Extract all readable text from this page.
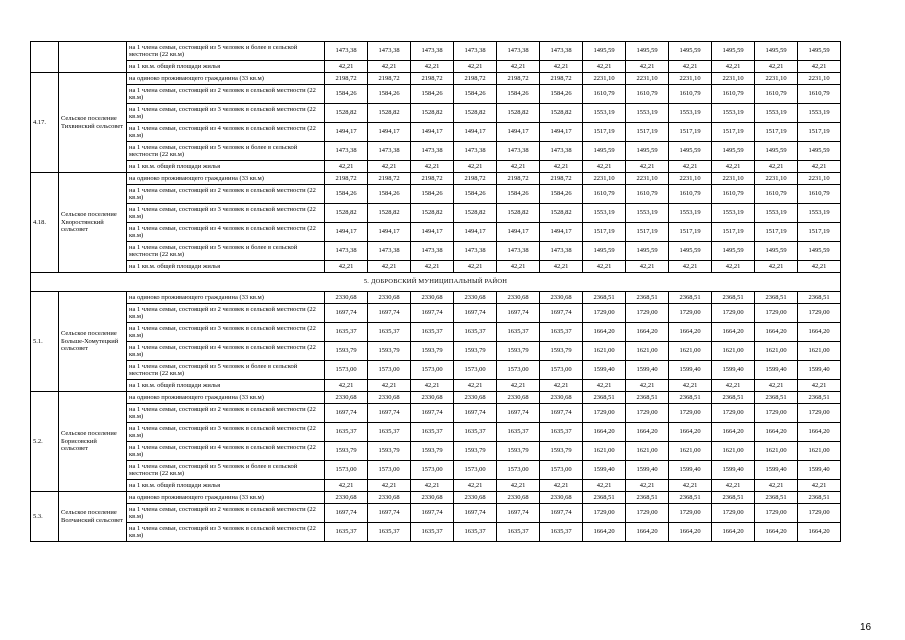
		на 1 члена семьи, состоящей из 5 человек и более в сельской местности (22 кв.м)	1473,38	1473,38	1473,38	1473,38	1473,38	1473,38	1495,59	1495,59	1495,59	1495,59	1495,59	1495,59
		на 1 кв.м. общей площади жилья	42,21	42,21	42,21	42,21	42,21	42,21	42,21	42,21	42,21	42,21	42,21	42,21
4.17.	Сельское поселение Тихвинский сельсовет	на одиноко проживающего гражданина (33 кв.м)	2198,72	2198,72	2198,72	2198,72	2198,72	2198,72	2231,10	2231,10	2231,10	2231,10	2231,10	2231,10
		на 1 члена семьи, состоящей из 2 человек в сельской местности (22 кв.м)	1584,26	1584,26	1584,26	1584,26	1584,26	1584,26	1610,79	1610,79	1610,79	1610,79	1610,79	1610,79
		на 1 члена семьи, состоящей из 3 человек в сельской местности (22 кв.м)	1528,82	1528,82	1528,82	1528,82	1528,82	1528,82	1553,19	1553,19	1553,19	1553,19	1553,19	1553,19
		на 1 члена семьи, состоящей из 4 человек в сельской местности (22 кв.м)	1494,17	1494,17	1494,17	1494,17	1494,17	1494,17	1517,19	1517,19	1517,19	1517,19	1517,19	1517,19
		на 1 члена семьи, состоящей из 5 человек и более в сельской местности (22 кв.м)	1473,38	1473,38	1473,38	1473,38	1473,38	1473,38	1495,59	1495,59	1495,59	1495,59	1495,59	1495,59
		на 1 кв.м. общей площади жилья	42,21	42,21	42,21	42,21	42,21	42,21	42,21	42,21	42,21	42,21	42,21	42,21
4.18.	Сельское поселение Хворостянский сельсовет	на одиноко проживающего гражданина (33 кв.м)	2198,72	2198,72	2198,72	2198,72	2198,72	2198,72	2231,10	2231,10	2231,10	2231,10	2231,10	2231,10
		на 1 члена семьи, состоящей из 2 человек в сельской местности (22 кв.м)	1584,26	1584,26	1584,26	1584,26	1584,26	1584,26	1610,79	1610,79	1610,79	1610,79	1610,79	1610,79
		на 1 члена семьи, состоящей из 3 человек в сельской местности (22 кв.м)	1528,82	1528,82	1528,82	1528,82	1528,82	1528,82	1553,19	1553,19	1553,19	1553,19	1553,19	1553,19
		на 1 члена семьи, состоящей из 4 человек в сельской местности (22 кв.м)	1494,17	1494,17	1494,17	1494,17	1494,17	1494,17	1517,19	1517,19	1517,19	1517,19	1517,19	1517,19
		на 1 члена семьи, состоящей из 5 человек и более в сельской местности (22 кв.м)	1473,38	1473,38	1473,38	1473,38	1473,38	1473,38	1495,59	1495,59	1495,59	1495,59	1495,59	1495,59
		на 1 кв.м. общей площади жилья	42,21	42,21	42,21	42,21	42,21	42,21	42,21	42,21	42,21	42,21	42,21	42,21
5. ДОБРОВСКИЙ МУНИЦИПАЛЬНЫЙ РАЙОН														
5.1.	Сельское поселение Больше-Хомутецкий сельсовет	на одиноко проживающего гражданина (33 кв.м)	2330,68	2330,68	2330,68	2330,68	2330,68	2330,68	2368,51	2368,51	2368,51	2368,51	2368,51	2368,51
		на 1 члена семьи, состоящей из 2 человек в сельской местности (22 кв.м)	1697,74	1697,74	1697,74	1697,74	1697,74	1697,74	1729,00	1729,00	1729,00	1729,00	1729,00	1729,00
		на 1 члена семьи, состоящей из 3 человек в сельской местности (22 кв.м)	1635,37	1635,37	1635,37	1635,37	1635,37	1635,37	1664,20	1664,20	1664,20	1664,20	1664,20	1664,20
		на 1 члена семьи, состоящей из 4 человек в сельской местности (22 кв.м)	1593,79	1593,79	1593,79	1593,79	1593,79	1593,79	1621,00	1621,00	1621,00	1621,00	1621,00	1621,00
		на 1 члена семьи, состоящей из 5 человек и более в сельской местности (22 кв.м)	1573,00	1573,00	1573,00	1573,00	1573,00	1573,00	1599,40	1599,40	1599,40	1599,40	1599,40	1599,40
		на 1 кв.м. общей площади жилья	42,21	42,21	42,21	42,21	42,21	42,21	42,21	42,21	42,21	42,21	42,21	42,21
5.2.	Сельское поселение Борисовский сельсовет	на одиноко проживающего гражданина (33 кв.м)	2330,68	2330,68	2330,68	2330,68	2330,68	2330,68	2368,51	2368,51	2368,51	2368,51	2368,51	2368,51
		на 1 члена семьи, состоящей из 2 человек в сельской местности (22 кв.м)	1697,74	1697,74	1697,74	1697,74	1697,74	1697,74	1729,00	1729,00	1729,00	1729,00	1729,00	1729,00
		на 1 члена семьи, состоящей из 3 человек в сельской местности (22 кв.м)	1635,37	1635,37	1635,37	1635,37	1635,37	1635,37	1664,20	1664,20	1664,20	1664,20	1664,20	1664,20
		на 1 члена семьи, состоящей из 4 человек в сельской местности (22 кв.м)	1593,79	1593,79	1593,79	1593,79	1593,79	1593,79	1621,00	1621,00	1621,00	1621,00	1621,00	1621,00
		на 1 члена семьи, состоящей из 5 человек и более в сельской местности (22 кв.м)	1573,00	1573,00	1573,00	1573,00	1573,00	1573,00	1599,40	1599,40	1599,40	1599,40	1599,40	1599,40
		на 1 кв.м. общей площади жилья	42,21	42,21	42,21	42,21	42,21	42,21	42,21	42,21	42,21	42,21	42,21	42,21
5.3.	Сельское поселение Волчанский сельсовет	на одиноко проживающего гражданина (33 кв.м)	2330,68	2330,68	2330,68	2330,68	2330,68	2330,68	2368,51	2368,51	2368,51	2368,51	2368,51	2368,51
		на 1 члена семьи, состоящей из 2 человек в сельской местности (22 кв.м)	1697,74	1697,74	1697,74	1697,74	1697,74	1697,74	1729,00	1729,00	1729,00	1729,00	1729,00	1729,00
		на 1 члена семьи, состоящей из 3 человек в сельской местности (22 кв.м)	1635,37	1635,37	1635,37	1635,37	1635,37	1635,37	1664,20	1664,20	1664,20	1664,20	1664,20	1664,20
16
